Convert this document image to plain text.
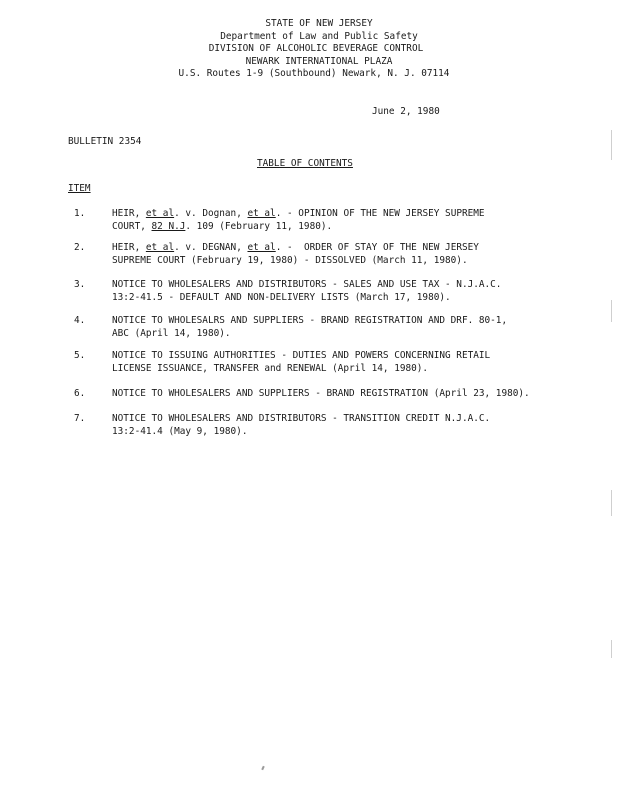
STATE OF NEW JERSEY
Department of Law and Public Safety
DIVISION OF ALCOHOLIC BEVERAGE CONTROL
NEWARK INTERNATIONAL PLAZA
U.S. Routes 1-9 (Southbound) Newark, N. J. 07114
June 2, 1980
BULLETIN 2354
TABLE OF CONTENTS
ITEM
1.	HEIR, et al. v. Dognan, et al. - OPINION OF THE NEW JERSEY SUPREME
COURT, 82 N.J. 109 (February 11, 1980).
2.	HEIR, et al. v. DEGNAN, et al. -  ORDER OF STAY OF THE NEW JERSEY
SUPREME COURT (February 19, 1980) - DISSOLVED (March 11, 1980).
3.	NOTICE TO WHOLESALERS AND DISTRIBUTORS - SALES AND USE TAX - N.J.A.C.
13:2-41.5 - DEFAULT AND NON-DELIVERY LISTS (March 17, 1980).
4.	NOTICE TO WHOLESALRS AND SUPPLIERS - BRAND REGISTRATION AND DRF. 80-1,
ABC (April 14, 1980).
5.	NOTICE TO ISSUING AUTHORITIES - DUTIES AND POWERS CONCERNING RETAIL
LICENSE ISSUANCE, TRANSFER and RENEWAL (April 14, 1980).
6.	NOTICE TO WHOLESALERS AND SUPPLIERS - BRAND REGISTRATION (April 23, 1980).
7.	NOTICE TO WHOLESALERS AND DISTRIBUTORS - TRANSITION CREDIT N.J.A.C.
13:2-41.4 (May 9, 1980).
